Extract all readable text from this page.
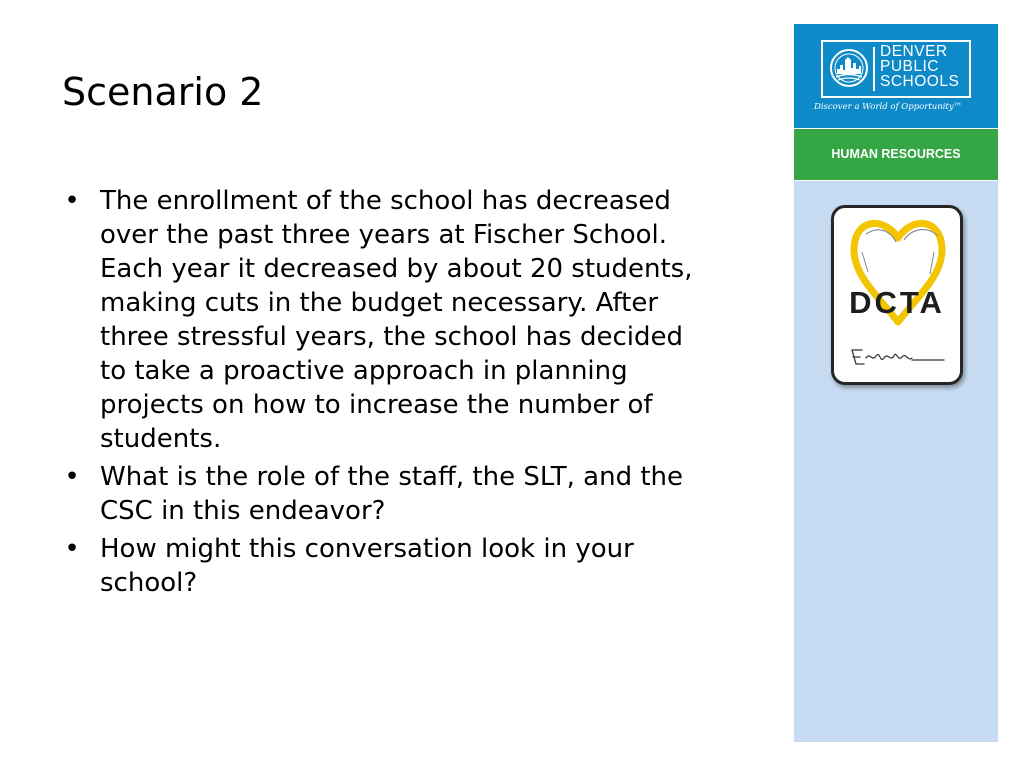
Scenario 2
• The enrollment of the school has decreased over the past three years at Fischer School. Each year it decreased by about 20 students, making cuts in the budget necessary. After three stressful years, the school has decided to take a proactive approach in planning projects on how to increase the number of students.
• What is the role of the staff, the SLT, and the CSC in this endeavor?
• How might this conversation look in your school?
DENVER
PUBLIC
SCHOOLS
Discover a World of Opportunity™
HUMAN RESOURCES
DCTA
